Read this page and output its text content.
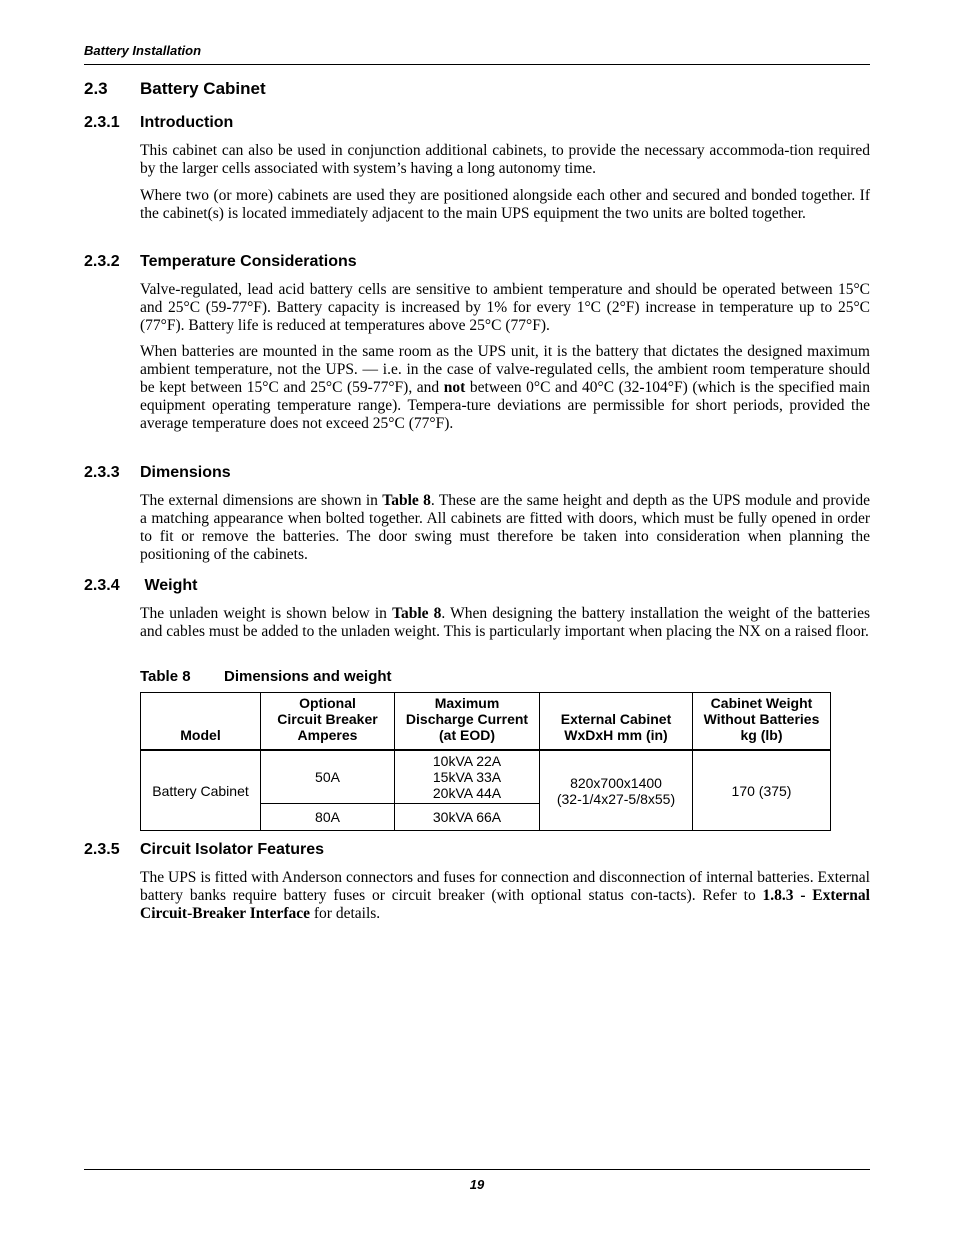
Battery Installation
2.3 Battery Cabinet
2.3.1 Introduction

This cabinet can also be used in conjunction additional cabinets, to provide the necessary accommoda-tion required by the larger cells associated with system’s having a long autonomy time.

Where two (or more) cabinets are used they are positioned alongside each other and secured and bonded together. If the cabinet(s) is located immediately adjacent to the main UPS equipment the two units are bolted together.

2.3.2 Temperature Considerations

Valve-regulated, lead acid battery cells are sensitive to ambient temperature and should be operated between 15°C and 25°C (59-77°F). Battery capacity is increased by 1% for every 1°C (2°F) increase in temperature up to 25°C (77°F). Battery life is reduced at temperatures above 25°C (77°F).

When batteries are mounted in the same room as the UPS unit, it is the battery that dictates the designed maximum ambient temperature, not the UPS. — i.e. in the case of valve-regulated cells, the ambient room temperature should be kept between 15°C and 25°C (59-77°F), and not between 0°C and 40°C (32-104°F) (which is the specified main equipment operating temperature range). Tempera-ture deviations are permissible for short periods, provided the average temperature does not exceed 25°C (77°F).

2.3.3 Dimensions

The external dimensions are shown in Table 8. These are the same height and depth as the UPS module and provide a matching appearance when bolted together. All cabinets are fitted with doors, which must be fully opened in order to fit or remove the batteries. The door swing must therefore be taken into consideration when planning the positioning of the cabinets.

2.3.4 Weight

The unladen weight is shown below in Table 8. When designing the battery installation the weight of the batteries and cables must be added to the unladen weight. This is particularly important when placing the NX on a raised floor.

Table 8 Dimensions and weight
Model	Optional
Circuit Breaker
Amperes	Maximum
Discharge Current
(at EOD)	External Cabinet
WxDxH mm (in)	Cabinet Weight
Without Batteries
kg (lb)
Battery Cabinet	50A	10kVA 22A
15kVA 33A
20kVA 44A	820x700x1400
(32-1/4x27-5/8x55)	170 (375)
	80A	30kVA 66A		
2.3.5 Circuit Isolator Features

The UPS is fitted with Anderson connectors and fuses for connection and disconnection of internal batteries. External battery banks require battery fuses or circuit breaker (with optional status con-tacts). Refer to 1.8.3 - External Circuit-Breaker Interface for details.

19
